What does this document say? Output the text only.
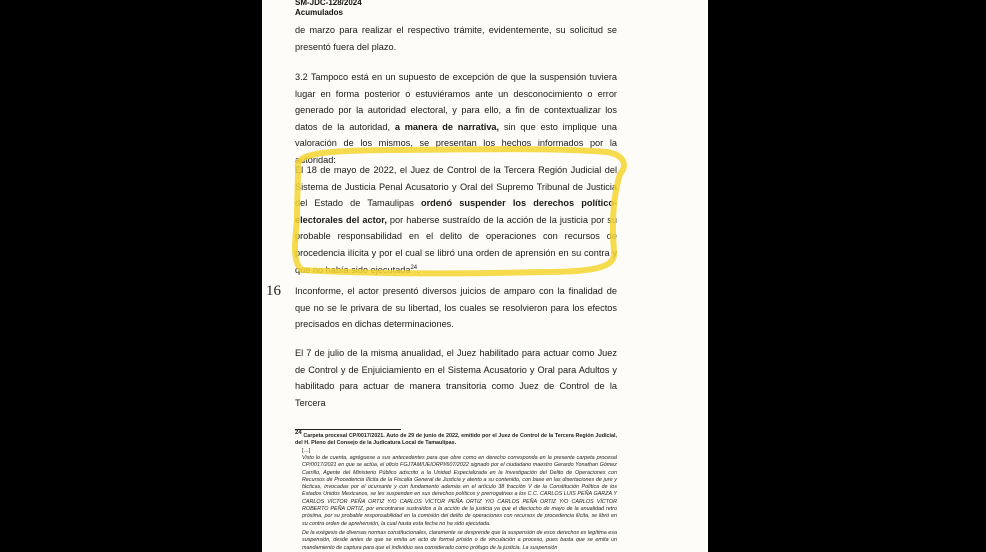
SM-JDC-128/2024
Acumulados
de marzo para realizar el respectivo trámite, evidentemente, su solicitud se presentó fuera del plazo.
3.2 Tampoco está en un supuesto de excepción de que la suspensión tuviera lugar en forma posterior o estuviéramos ante un desconocimiento o error generado por la autoridad electoral, y para ello, a fin de contextualizar los datos de la autoridad, a manera de narrativa, sin que esto implique una valoración de los mismos, se presentan los hechos informados por la autoridad:
El 18 de mayo de 2022, el Juez de Control de la Tercera Región Judicial del Sistema de Justicia Penal Acusatorio y Oral del Supremo Tribunal de Justicia del Estado de Tamaulipas ordenó suspender los derechos político-electorales del actor, por haberse sustraído de la acción de la justicia por su probable responsabilidad en el delito de operaciones con recursos de procedencia ilícita y por el cual se libró una orden de aprensión en su contra y que no había sido ejecutada$^{24}$.
16 Inconforme, el actor presentó diversos juicios de amparo con la finalidad de que no se le privara de su libertad, los cuales se resolvieron para los efectos precisados en dichas determinaciones.
El 7 de julio de la misma anualidad, el Juez habilitado para actuar como Juez de Control y de Enjuiciamiento en el Sistema Acusatorio y Oral para Adultos y habilitado para actuar de manera transitoria como Juez de Control de la Tercera
24 Carpeta procesal CP/0017/2021. Auto de 29 de junio de 2022, emitido por el Juez de Control de la Tercera Región Judicial, del H. Pleno del Consejo de la Judicatura Local de Tamaulipas.
[…]
Visto lo de cuenta, agréguese a sus antecedentes para que obre como en derecho corresponda en la presente carpeta procesal CP/0017/2021 en que se actúa, el oficio FGJTAM/UEIORPI/607/2022 signado por el ciudadano maestro Gerardo Yonathan Gómez Carrillo, Agente del Ministerio Público adscrito a la Unidad Especializada en la Investigación del Delito de Operaciones con Recursos de Procedencia Ilícita de la Fiscalía General de Justicia y atento a su contenido, con base en las disertaciones de jure y fácticas, invocadas por el ocursante y con fundamento además en el artículo 38 fracción V de la Constitución Política de los Estados Unidos Mexicanos, se les suspenden en sus derechos políticos y prerrogativas a los C.C. CARLOS LUIS PEÑA GARZA Y CARLOS VÍCTOR PEÑA ORTIZ Y/O CARLOS VÍCTOR PEÑA ORTIZ Y/O CARLOS PEÑA ORTIZ Y/O CARLOS VÍCTOR ROBERTO PEÑA ORTIZ, por encontrarse sustraídos a la acción de la justicia ya que el dieciocho de mayo de la anualidad retro próxima, por su probable responsabilidad en la comisión del delito de operaciones con recursos de procedencia ilícita, se libró en su contra orden de aprehensión, la cual hasta esta fecha no ha sido ejecutada.
De la exégesis de diversas normas constitucionales, claramente se desprende que la suspensión de esos derechos es legítima esa suspensión, desde antes de que se emita un acto de formal prisión o de vinculación a proceso, pues basta que se emita un mandamiento de captura para que el individuo sea considerado como prófugo de la justicia. La suspensión
